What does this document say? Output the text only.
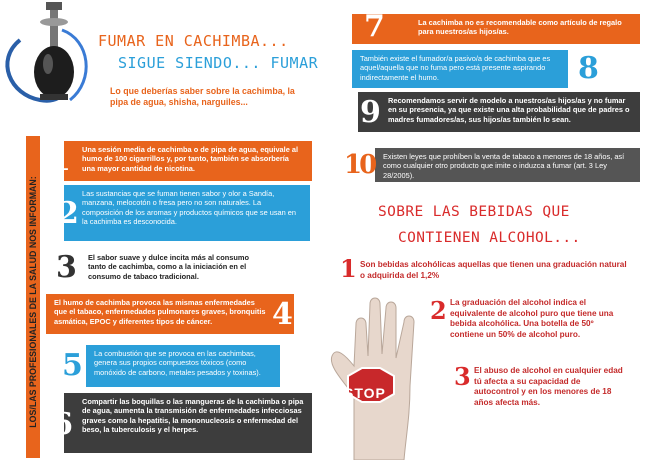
FUMAR EN CACHIMBA...
SIGUE SIENDO... FUMAR
Lo que deberías saber sobre la cachimba, la pipa de agua, shisha, narguiles...
LOS/LAS PROFESIONALES DE LA SALUD NOS INFORMAN:
Una sesión media de cachimba o de pipa de agua, equivale al humo de 100 cigarrillos y, por tanto, también se absorbería una mayor cantidad de nicotina.
1
Las sustancias que se fuman tienen sabor y olor a Sandía, manzana, melocotón o fresa pero no son naturales. La composición de los aromas y productos químicos que se usan en la cachimba es desconocida.
2
El sabor suave y dulce incita más al consumo tanto de cachimba, como a la iniciación en el consumo de tabaco tradicional.
3
El humo de cachimba provoca las mismas enfermedades que el tabaco, enfermedades pulmonares graves, bronquitis asmática, EPOC y diferentes tipos de cáncer.	4
La combustión que se provoca en las cachimbas, genera sus propios compuestos tóxicos (como monóxido de carbono, metales pesados y toxinas).
5
Compartir las boquillas o las mangueras de la cachimba o pipa de agua, aumenta la transmisión de enfermedades infecciosas graves como la hepatitis, la mononucleosis o enfermedad del beso, la tuberculosis y el herpes.
6
La cachimba no es recomendable como artículo de regalo para nuestros/as hijos/as.
7
También existe el fumador/a pasivo/a de cachimba que es aquel/aquella que no fuma pero está presente aspirando indirectamente el humo.	8
Recomendamos servir de modelo a nuestros/as hijos/as y no fumar en su presencia, ya que existe una alta probabilidad que de padres o madres fumadores/as, sus hijos/as también lo sean.
9
Existen leyes que prohíben la venta de tabaco a menores de 18 años, así como cualquier otro producto que imite o induzca a fumar (art. 3 Ley 28/2005).
10
SOBRE LAS BEBIDAS QUE
CONTIENEN ALCOHOL...
STOP
1 Son bebidas alcohólicas aquellas que tienen una graduación natural o adquirida del 1,2%
2 La graduación del alcohol indica el equivalente de alcohol puro que tiene una bebida alcohólica. Una botella de 50º contiene un 50% de alcohol puro.
3 El abuso de alcohol en cualquier edad tú afecta a su capacidad de autocontrol y en los menores de 18 años afecta más.
